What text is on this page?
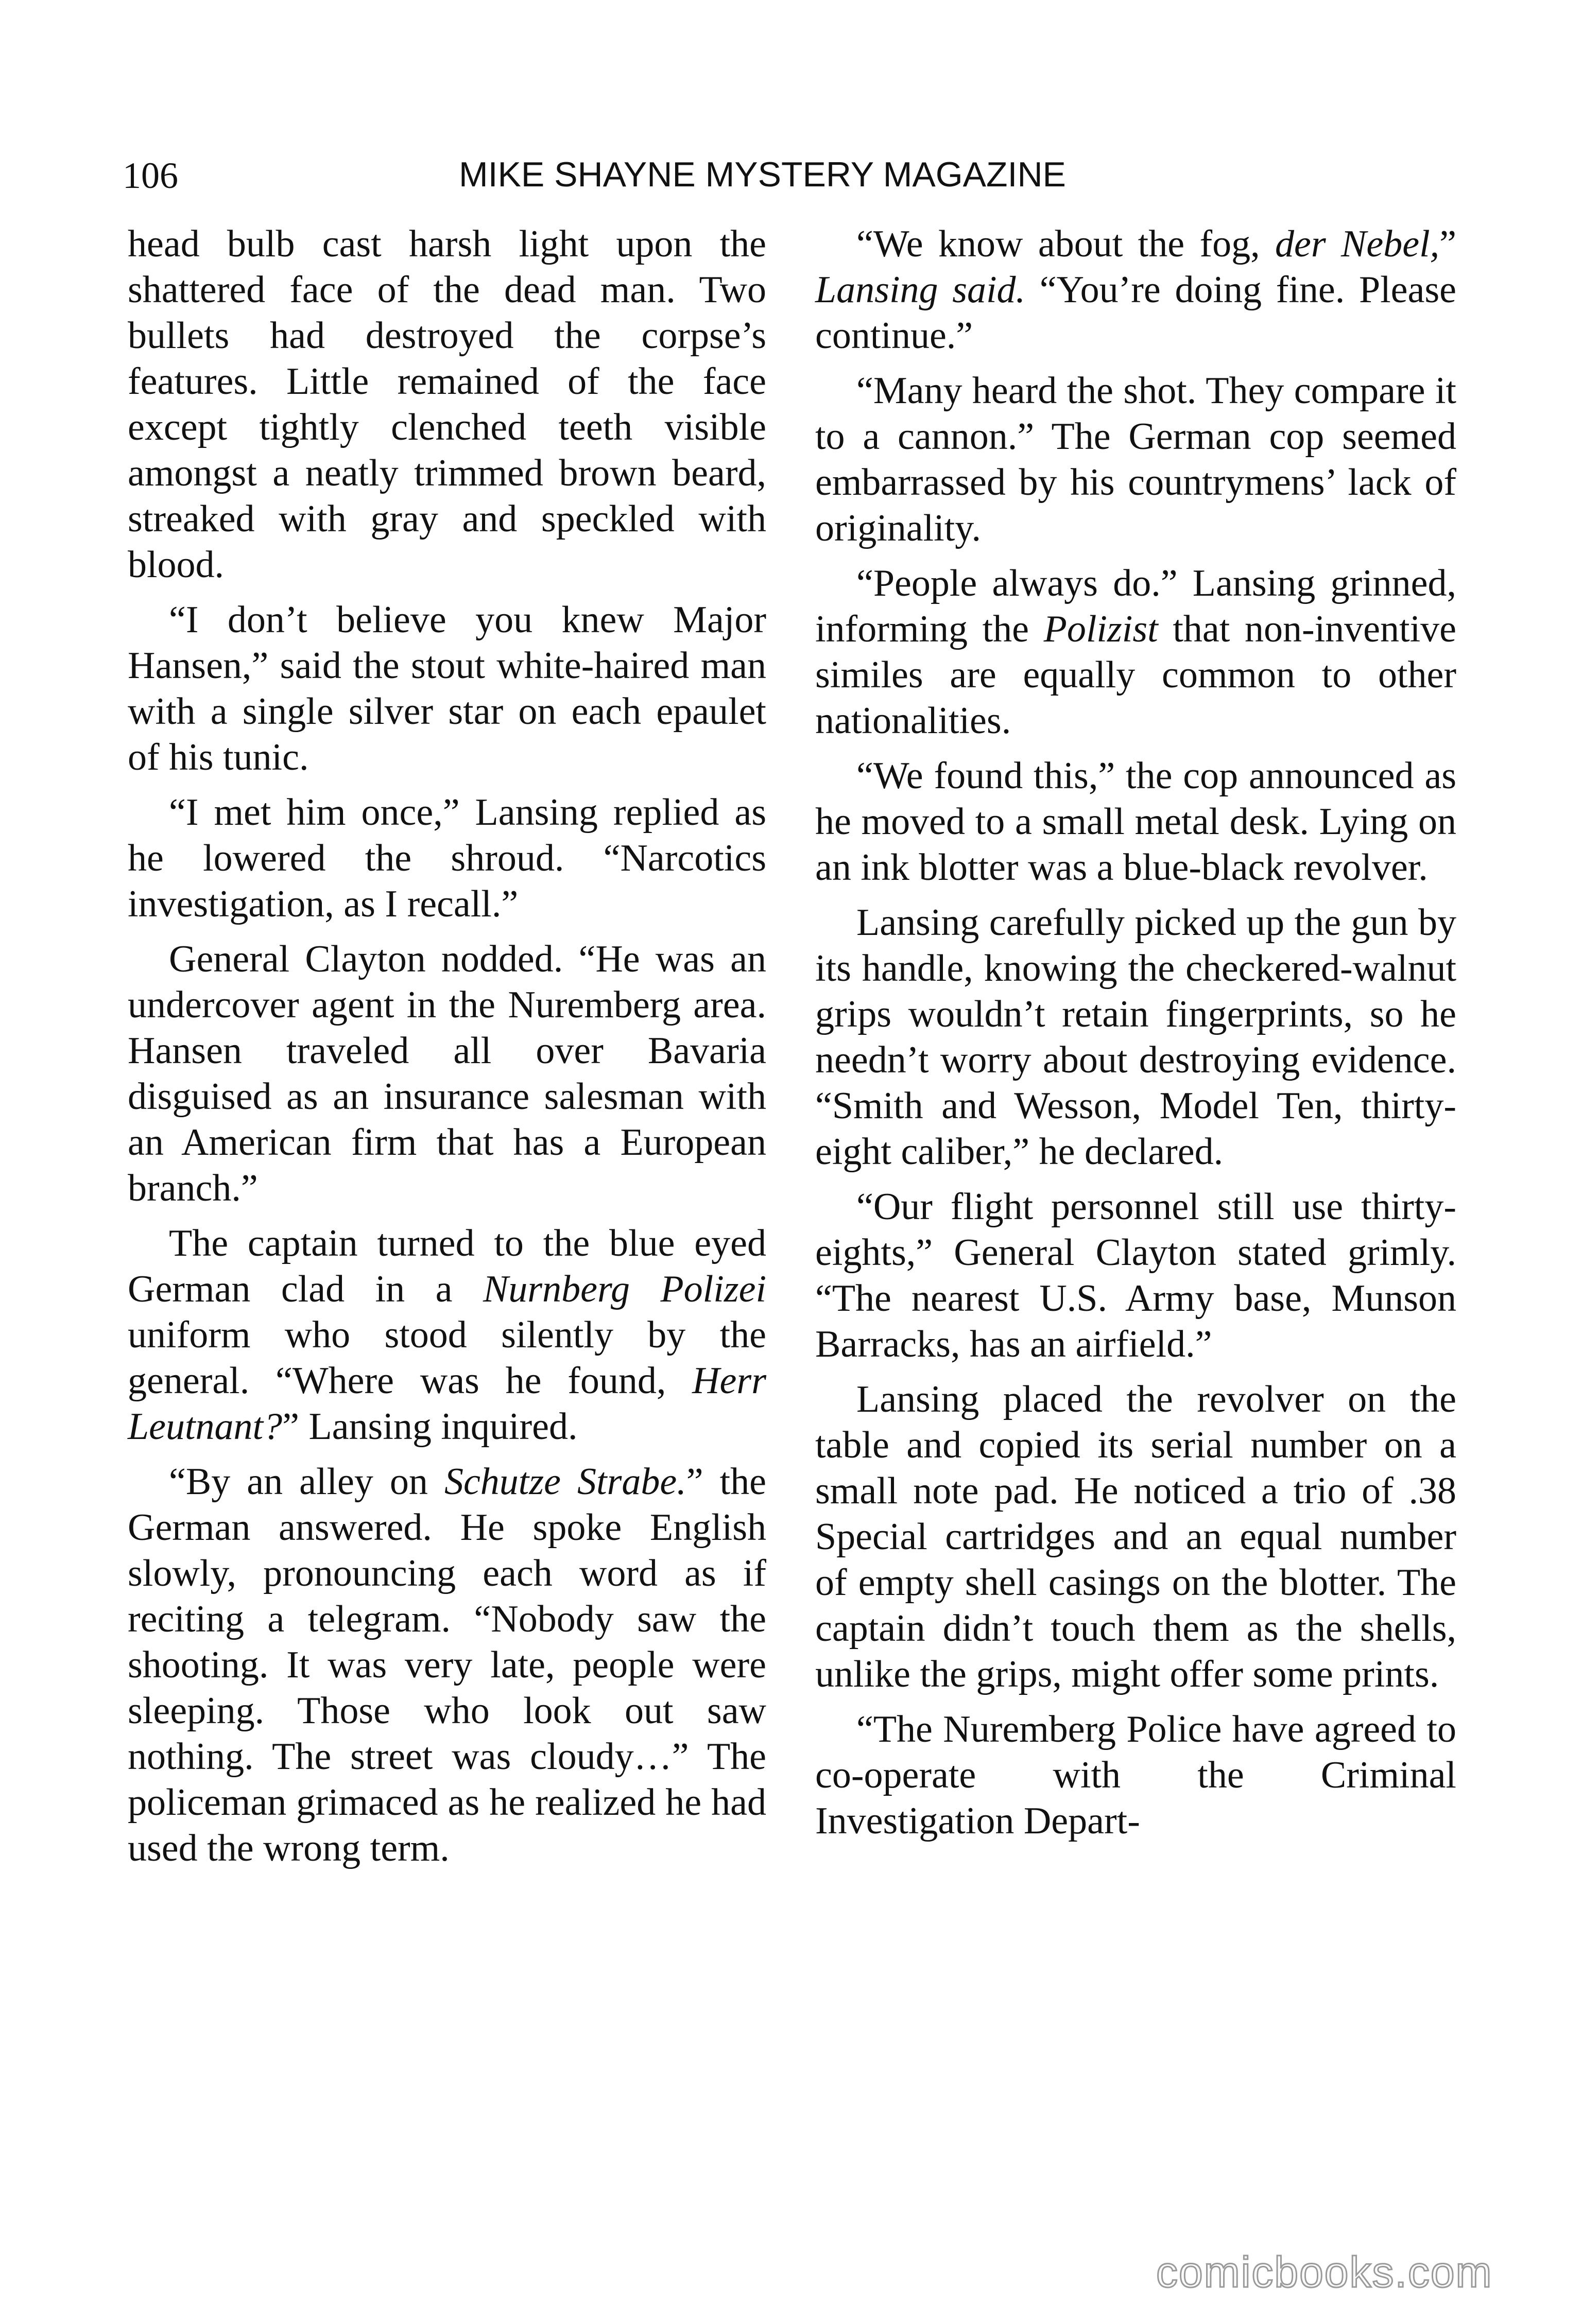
106	MIKE SHAYNE MYSTERY MAGAZINE

head bulb cast harsh light upon the shattered face of the dead man. Two bullets had destroyed the corpse’s features. Little remained of the face except tightly clenched teeth visible amongst a neatly trimmed brown beard, streaked with gray and speckled with blood.

“I don’t believe you knew Major Hansen,” said the stout white-haired man with a single silver star on each epaulet of his tunic.

“I met him once,” Lansing replied as he lowered the shroud. “Narcotics investigation, as I recall.”

General Clayton nodded. “He was an undercover agent in the Nuremberg area. Hansen traveled all over Bavaria disguised as an insurance salesman with an American firm that has a European branch.”

The captain turned to the blue eyed German clad in a Nurnberg Polizei uniform who stood silently by the general. “Where was he found, Herr Leutnant?” Lansing inquired.

“By an alley on Schutze Strabe.” the German answered. He spoke English slowly, pronouncing each word as if reciting a telegram. “Nobody saw the shooting. It was very late, people were sleeping. Those who look out saw nothing. The street was cloudy…” The policeman grimaced as he realized he had used the wrong term.

“We know about the fog, der Nebel,” Lansing said. “You’re doing fine. Please continue.”

“Many heard the shot. They compare it to a cannon.” The German cop seemed embarrassed by his countrymens’ lack of originality.

“People always do.” Lansing grinned, informing the Polizist that non-inventive similes are equally common to other nationalities.

“We found this,” the cop announced as he moved to a small metal desk. Lying on an ink blotter was a blue-black revolver.

Lansing carefully picked up the gun by its handle, knowing the checkered-walnut grips wouldn’t retain fingerprints, so he needn’t worry about destroying evidence. “Smith and Wesson, Model Ten, thirty-eight caliber,” he declared.

“Our flight personnel still use thirty-eights,” General Clayton stated grimly. “The nearest U.S. Army base, Munson Barracks, has an airfield.”

Lansing placed the revolver on the table and copied its serial number on a small note pad. He noticed a trio of .38 Special cartridges and an equal number of empty shell casings on the blotter. The captain didn’t touch them as the shells, unlike the grips, might offer some prints.

“The Nuremberg Police have agreed to co-operate with the Criminal Investigation Depart-

comicbooks.com
